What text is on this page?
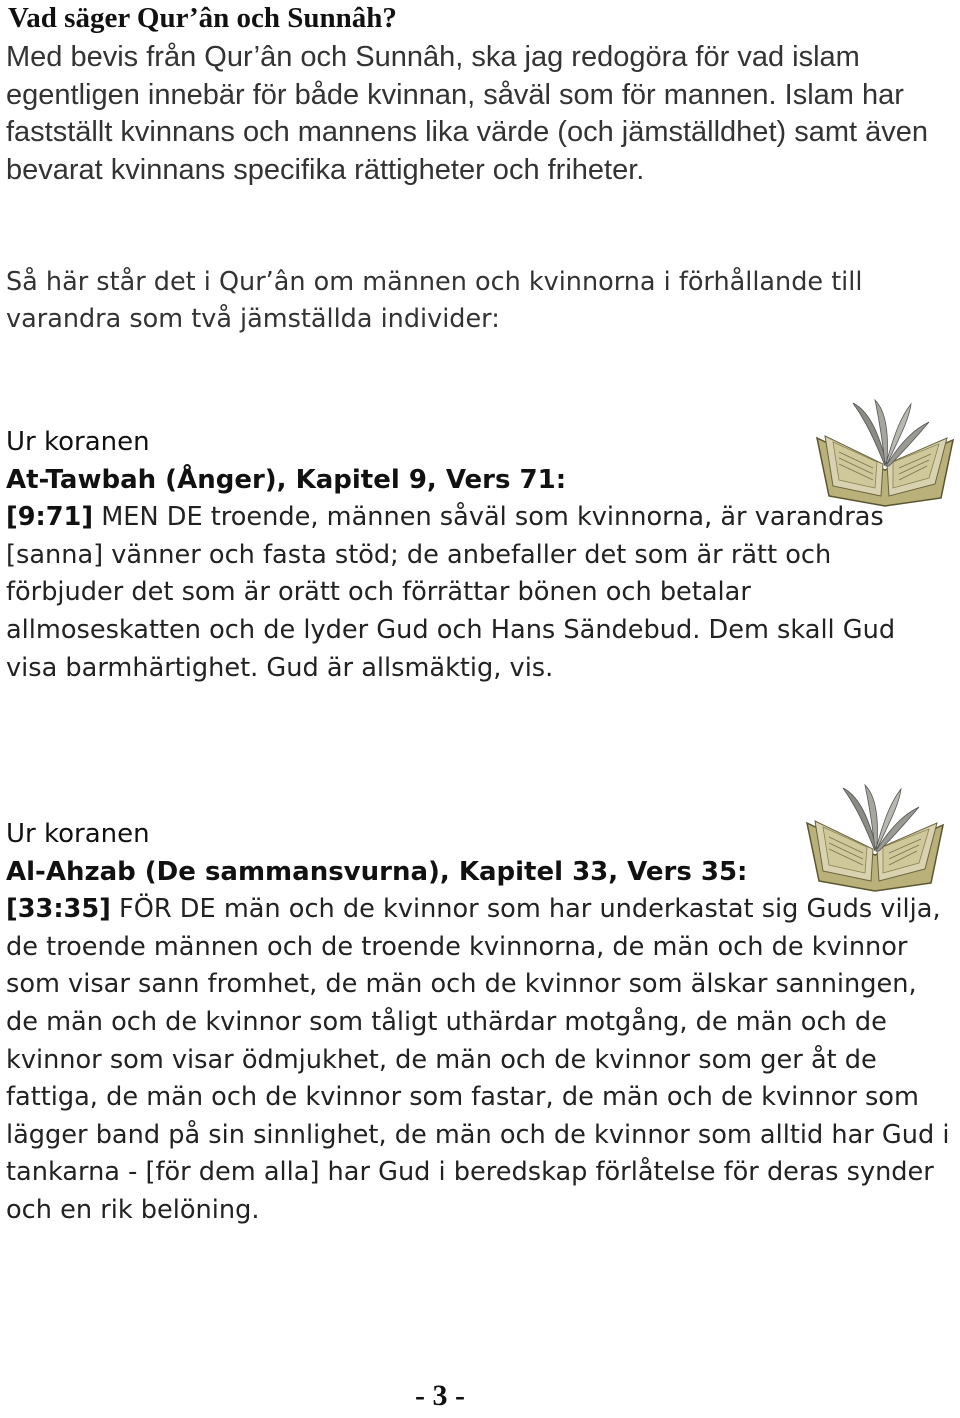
Vad säger Qur’ân och Sunnâh?

Med bevis från Qur’ân och Sunnâh, ska jag redogöra för vad islam egentligen innebär för både kvinnan, såväl som för mannen. Islam har fastställt kvinnans och mannens lika värde (och jämställdhet) samt även bevarat kvinnans specifika rättigheter och friheter.

Så här står det i Qur’ân om männen och kvinnorna i förhållande till varandra som två jämställda individer:

Ur koranen
At-Tawbah (Ånger), Kapitel 9, Vers 71:

[9:71] MEN DE troende, männen såväl som kvinnorna, är varandras [sanna] vänner och fasta stöd; de anbefaller det som är rätt och förbjuder det som är orätt och förrättar bönen och betalar allmoseskatten och de lyder Gud och Hans Sändebud. Dem skall Gud visa barmhärtighet. Gud är allsmäktig, vis.

Ur koranen
Al-Ahzab (De sammansvurna), Kapitel 33, Vers 35:

[33:35] FÖR DE män och de kvinnor som har underkastat sig Guds vilja, de troende männen och de troende kvinnorna, de män och de kvinnor som visar sann fromhet, de män och de kvinnor som älskar sanningen, de män och de kvinnor som tåligt uthärdar motgång, de män och de kvinnor som visar ödmjukhet, de män och de kvinnor som ger åt de fattiga, de män och de kvinnor som fastar, de män och de kvinnor som lägger band på sin sinnlighet, de män och de kvinnor som alltid har Gud i tankarna - [för dem alla] har Gud i beredskap förlåtelse för deras synder och en rik belöning.

- 3 -
